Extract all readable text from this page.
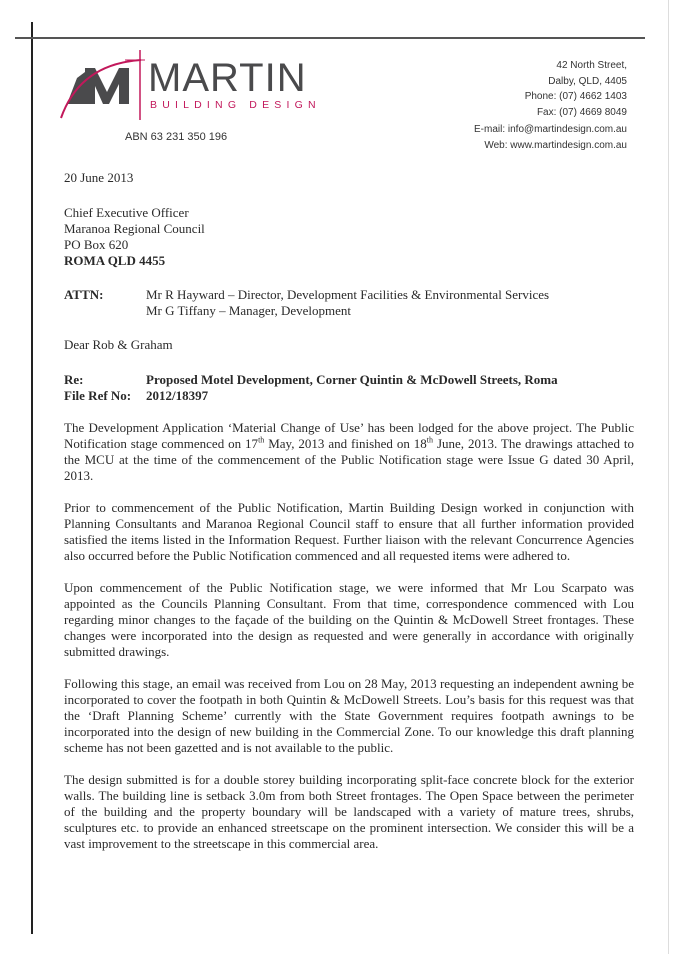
MARTIN
BUILDING DESIGN
ABN 63 231 350 196
42 North Street,
Dalby, QLD, 4405
Phone: (07) 4662 1403
Fax: (07) 4669 8049
E-mail: info@martindesign.com.au
Web: www.martindesign.com.au
20 June 2013
Chief Executive Officer
Maranoa Regional Council
PO Box 620
ROMA QLD 4455
ATTN:	Mr R Hayward – Director, Development Facilities & Environmental Services
Mr G Tiffany – Manager, Development
Dear Rob & Graham
Re:	Proposed Motel Development, Corner Quintin & McDowell Streets, Roma
File Ref No:	2012/18397

The Development Application ‘Material Change of Use’ has been lodged for the above project. The Public Notification stage commenced on 17th May, 2013 and finished on 18th June, 2013. The drawings attached to the MCU at the time of the commencement of the Public Notification stage were Issue G dated 30 April, 2013.

Prior to commencement of the Public Notification, Martin Building Design worked in conjunction with Planning Consultants and Maranoa Regional Council staff to ensure that all further information provided satisfied the items listed in the Information Request. Further liaison with the relevant Concurrence Agencies also occurred before the Public Notification commenced and all requested items were adhered to.

Upon commencement of the Public Notification stage, we were informed that Mr Lou Scarpato was appointed as the Councils Planning Consultant. From that time, correspondence commenced with Lou regarding minor changes to the façade of the building on the Quintin & McDowell Street frontages. These changes were incorporated into the design as requested and were generally in accordance with originally submitted drawings.

Following this stage, an email was received from Lou on 28 May, 2013 requesting an independent awning be incorporated to cover the footpath in both Quintin & McDowell Streets. Lou’s basis for this request was that the ‘Draft Planning Scheme’ currently with the State Government requires footpath awnings to be incorporated into the design of new building in the Commercial Zone. To our knowledge this draft planning scheme has not been gazetted and is not available to the public.

The design submitted is for a double storey building incorporating split-face concrete block for the exterior walls. The building line is setback 3.0m from both Street frontages. The Open Space between the perimeter of the building and the property boundary will be landscaped with a variety of mature trees, shrubs, sculptures etc. to provide an enhanced streetscape on the prominent intersection. We consider this will be a vast improvement to the streetscape in this commercial area.
